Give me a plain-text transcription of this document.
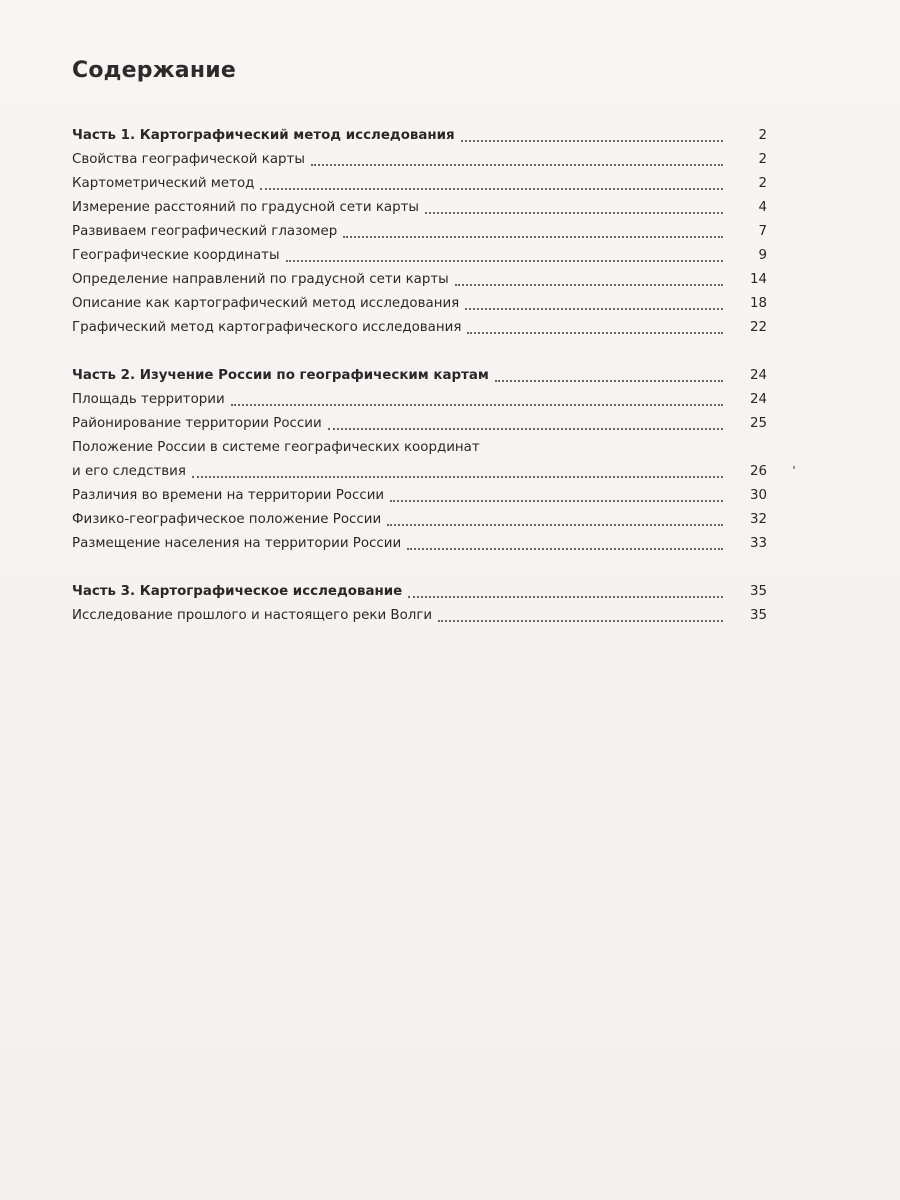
Содержание
Часть 1. Картографический метод исследования	2
Свойства географической карты	2
Картометрический метод	2
Измерение расстояний по градусной сети карты	4
Развиваем географический глазомер	7
Географические координаты	9
Определение направлений по градусной сети карты	14
Описание как картографический метод исследования	18
Графический метод картографического исследования	22
Часть 2. Изучение России по географическим картам	24
Площадь территории	24
Районирование территории России	25
Положение России в системе географических координат
и его следствия	26
Различия во времени на территории России	30
Физико-географическое положение России	32
Размещение населения на территории России	33
Часть 3. Картографическое исследование	35
Исследование прошлого и настоящего реки Волги	35
